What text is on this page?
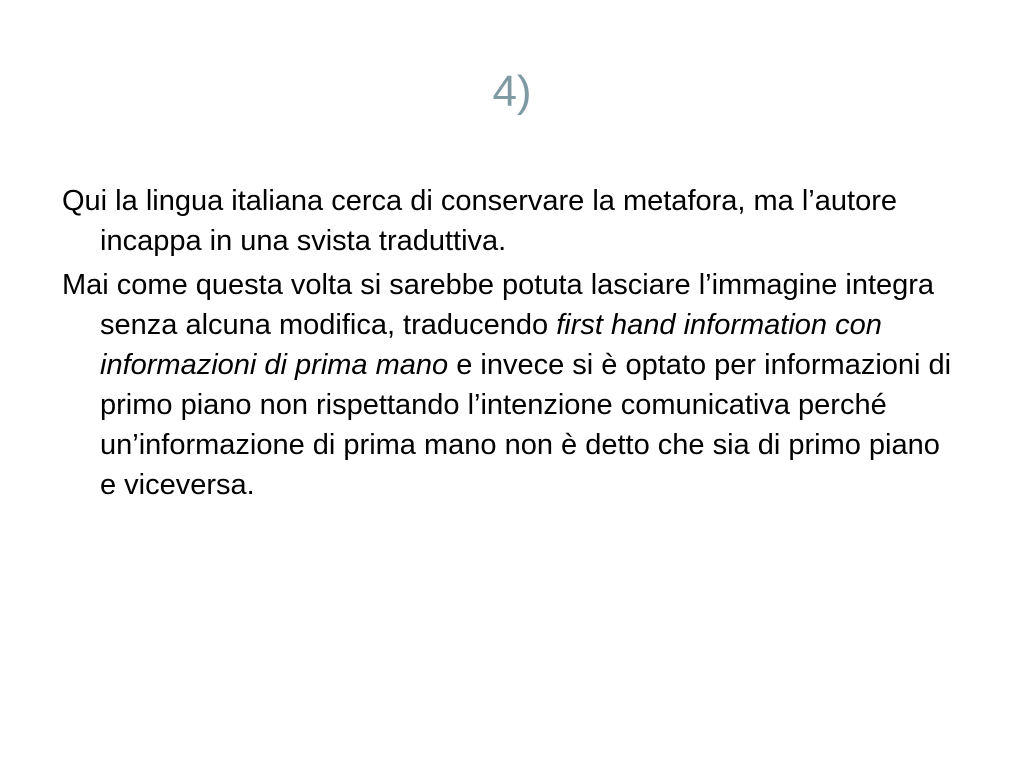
4)

Qui la lingua italiana cerca di conservare la metafora, ma l’autore incappa in una svista traduttiva.

Mai come questa volta si sarebbe potuta lasciare l’immagine integra senza alcuna modifica, traducendo first hand information con informazioni di prima mano e invece si è optato per informazioni di primo piano non rispettando l’intenzione comunicativa perché un’informazione di prima mano non è detto che sia di primo piano e viceversa.
